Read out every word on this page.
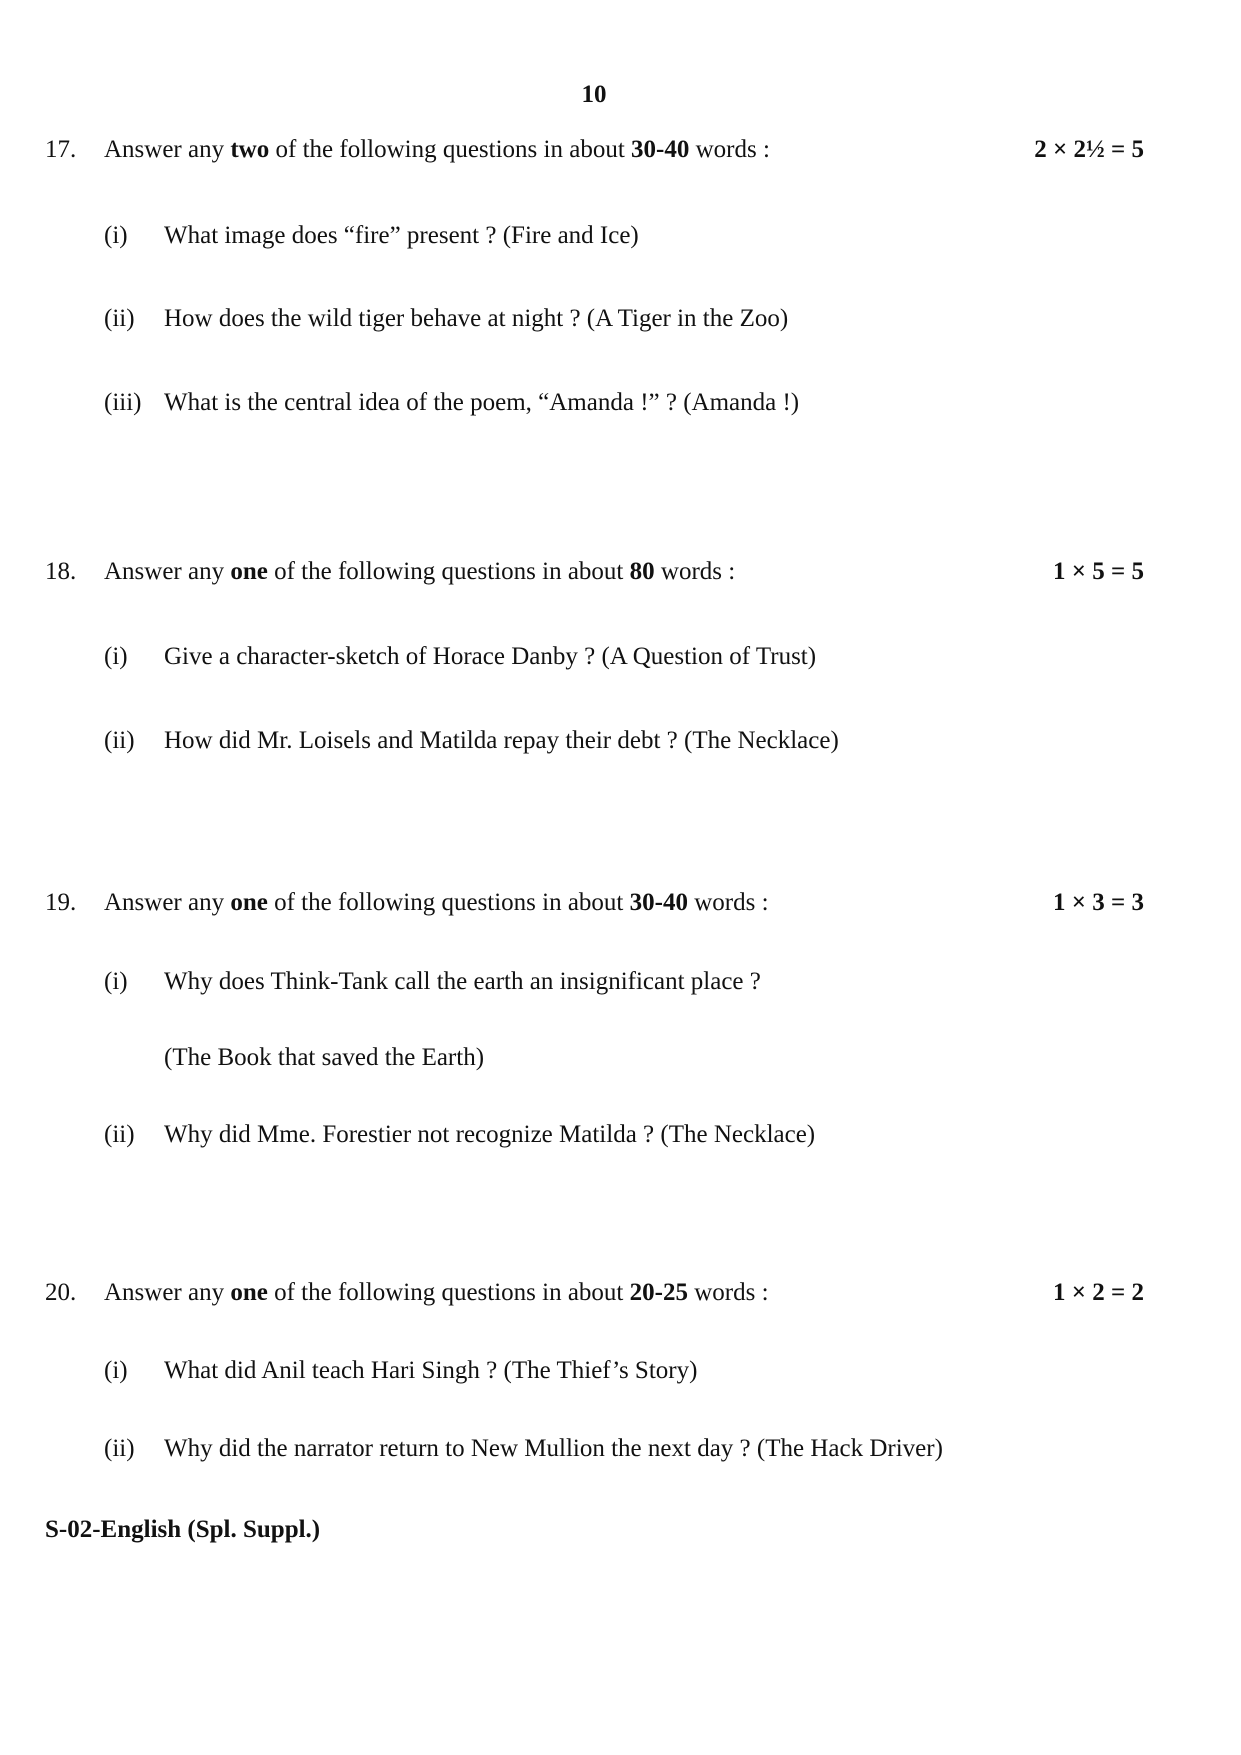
10
17. Answer any two of the following questions in about 30-40 words :	2 × 2½ = 5
(i) What image does “fire” present ? (Fire and Ice)
(ii) How does the wild tiger behave at night ? (A Tiger in the Zoo)
(iii) What is the central idea of the poem, “Amanda !” ? (Amanda !)
18. Answer any one of the following questions in about 80 words :	1 × 5 = 5
(i) Give a character-sketch of Horace Danby ? (A Question of Trust)
(ii) How did Mr. Loisels and Matilda repay their debt ? (The Necklace)
19. Answer any one of the following questions in about 30-40 words :	1 × 3 = 3
(i) Why does Think-Tank call the earth an insignificant place ?
(The Book that saved the Earth)
(ii) Why did Mme. Forestier not recognize Matilda ? (The Necklace)
20. Answer any one of the following questions in about 20-25 words :	1 × 2 = 2
(i) What did Anil teach Hari Singh ? (The Thief’s Story)
(ii) Why did the narrator return to New Mullion the next day ? (The Hack Driver)
S-02-English (Spl. Suppl.)
